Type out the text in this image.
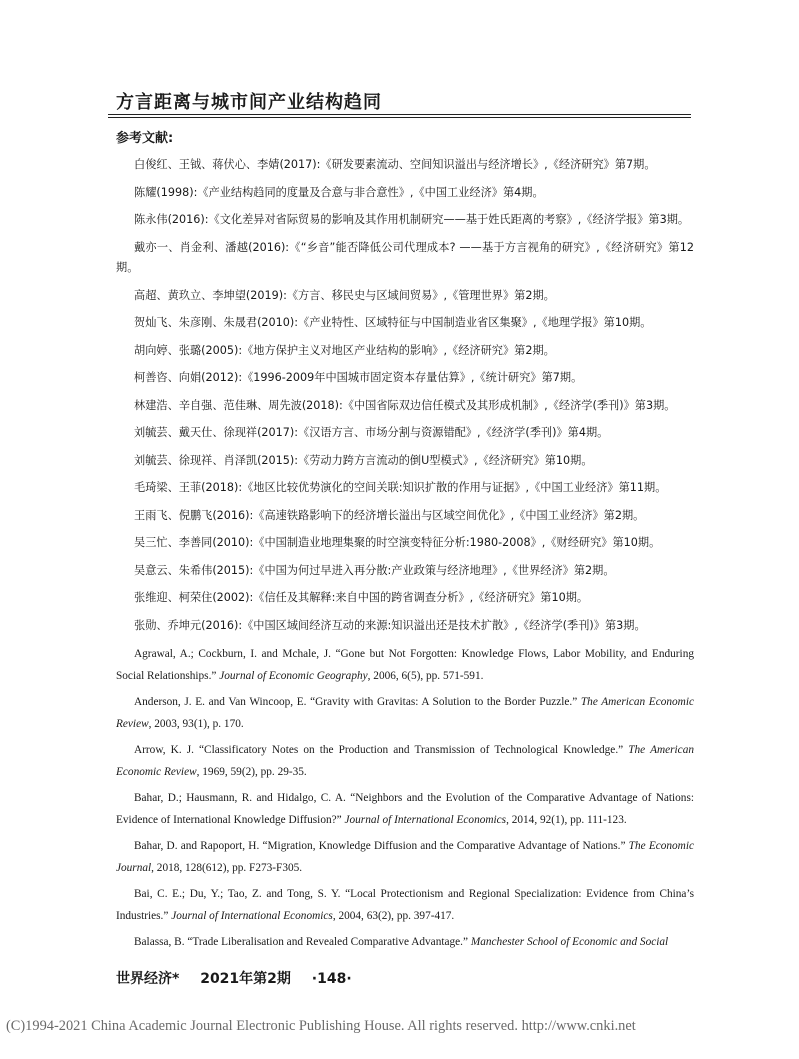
方言距离与城市间产业结构趋同
参考文献:

白俊红、王钺、蒋伏心、李婧(2017):《研发要素流动、空间知识溢出与经济增长》,《经济研究》第7期。

陈耀(1998):《产业结构趋同的度量及合意与非合意性》,《中国工业经济》第4期。

陈永伟(2016):《文化差异对省际贸易的影响及其作用机制研究——基于姓氏距离的考察》,《经济学报》第3期。

戴亦一、肖金利、潘越(2016):《“乡音”能否降低公司代理成本? ——基于方言视角的研究》,《经济研究》第12期。

高超、黄玖立、李坤望(2019):《方言、移民史与区域间贸易》,《管理世界》第2期。

贺灿飞、朱彦刚、朱晟君(2010):《产业特性、区域特征与中国制造业省区集聚》,《地理学报》第10期。

胡向婷、张璐(2005):《地方保护主义对地区产业结构的影响》,《经济研究》第2期。

柯善咨、向娟(2012):《1996-2009年中国城市固定资本存量估算》,《统计研究》第7期。

林建浩、辛自强、范佳琳、周先波(2018):《中国省际双边信任模式及其形成机制》,《经济学(季刊)》第3期。

刘毓芸、戴天仕、徐现祥(2017):《汉语方言、市场分割与资源错配》,《经济学(季刊)》第4期。

刘毓芸、徐现祥、肖泽凯(2015):《劳动力跨方言流动的倒U型模式》,《经济研究》第10期。

毛琦梁、王菲(2018):《地区比较优势演化的空间关联:知识扩散的作用与证据》,《中国工业经济》第11期。

王雨飞、倪鹏飞(2016):《高速铁路影响下的经济增长溢出与区域空间优化》,《中国工业经济》第2期。

吴三忙、李善同(2010):《中国制造业地理集聚的时空演变特征分析:1980-2008》,《财经研究》第10期。

吴意云、朱希伟(2015):《中国为何过早进入再分散:产业政策与经济地理》,《世界经济》第2期。

张维迎、柯荣住(2002):《信任及其解释:来自中国的跨省调查分析》,《经济研究》第10期。

张勋、乔坤元(2016):《中国区域间经济互动的来源:知识溢出还是技术扩散》,《经济学(季刊)》第3期。

Agrawal, A.; Cockburn, I. and Mchale, J. “Gone but Not Forgotten: Knowledge Flows, Labor Mobility, and Enduring Social Relationships.” Journal of Economic Geography, 2006, 6(5), pp. 571-591.

Anderson, J. E. and Van Wincoop, E. “Gravity with Gravitas: A Solution to the Border Puzzle.” The American Economic Review, 2003, 93(1), p. 170.

Arrow, K. J. “Classificatory Notes on the Production and Transmission of Technological Knowledge.” The American Economic Review, 1969, 59(2), pp. 29-35.

Bahar, D.; Hausmann, R. and Hidalgo, C. A. “Neighbors and the Evolution of the Comparative Advantage of Nations: Evidence of International Knowledge Diffusion?” Journal of International Economics, 2014, 92(1), pp. 111-123.

Bahar, D. and Rapoport, H. “Migration, Knowledge Diffusion and the Comparative Advantage of Nations.” The Economic Journal, 2018, 128(612), pp. F273-F305.

Bai, C. E.; Du, Y.; Tao, Z. and Tong, S. Y. “Local Protectionism and Regional Specialization: Evidence from China’s Industries.” Journal of International Economics, 2004, 63(2), pp. 397-417.

Balassa, B. “Trade Liberalisation and Revealed Comparative Advantage.” Manchester School of Economic and Social

世界经济* 2021年第2期 ·148·
(C)1994-2021 China Academic Journal Electronic Publishing House. All rights reserved. http://www.cnki.net
